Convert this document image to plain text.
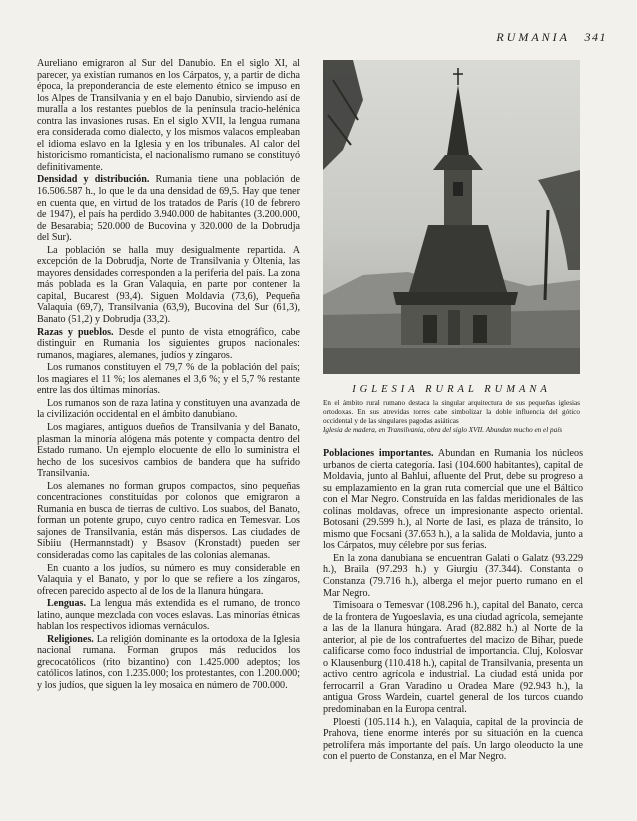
RUMANIA 341

Aureliano emigraron al Sur del Danubio. En el siglo XI, al parecer, ya existían rumanos en los Cárpatos, y, a partir de dicha época, la preponderancia de este elemento étnico se impuso en los Alpes de Transilvania y en el bajo Danubio, sirviendo así de muralla a los restantes pueblos de la península tracio-helénica contra las invasiones rusas. En el siglo XVII, la lengua rumana era considerada como dialecto, y los mismos valacos empleaban el idioma eslavo en la Iglesia y en los tribunales. Al calor del historicismo romanticista, el nacionalismo rumano se constituyó definitivamente.

Densidad y distribución. Rumania tiene una población de 16.506.587 h., lo que le da una densidad de 69,5. Hay que tener en cuenta que, en virtud de los tratados de París (10 de febrero de 1947), el país ha perdido 3.940.000 de habitantes (3.200.000, de Besarabia; 520.000 de Bucovina y 320.000 de la Dobrudja del Sur).

La población se halla muy desigualmente repartida. A excepción de la Dobrudja, Norte de Transilvania y Oltenia, las mayores densidades corresponden a la periferia del país. La zona más poblada es la Gran Valaquia, en parte por contener la capital, Bucarest (93,4). Siguen Moldavia (73,6), Pequeña Valaquia (69,7), Transilvania (63,9), Bucovina del Sur (61,3), Banato (51,2) y Dobrudja (33,2).

Razas y pueblos. Desde el punto de vista etnográfico, cabe distinguir en Rumania los siguientes grupos nacionales: rumanos, magiares, alemanes, judíos y zíngaros.

Los rumanos constituyen el 79,7 % de la población del país; los magiares el 11 %; los alemanes el 3,6 %; y el 5,7 % restante entre las dos últimas minorías.

Los rumanos son de raza latina y constituyen una avanzada de la civilización occidental en el ámbito danubiano.

Los magiares, antiguos dueños de Transilvania y del Banato, plasman la minoría alógena más potente y compacta dentro del Estado rumano. Un ejemplo elocuente de ello lo suministra el hecho de los sucesivos cambios de bandera que ha sufrido Transilvania.

Los alemanes no forman grupos compactos, sino pequeñas concentraciones constituídas por colonos que emigraron a Rumania en busca de tierras de cultivo. Los suabos, del Banato, forman un potente grupo, cuyo centro radica en Temesvar. Los sajones de Transilvania, están más dispersos. Las ciudades de Sibiiu (Hermannstadt) y Bsasov (Kronstadt) pueden ser consideradas como las capitales de las colonias alemanas.

En cuanto a los judíos, su número es muy considerable en Valaquia y el Banato, y por lo que se refiere a los zíngaros, ofrecen parecido aspecto al de los de la llanura húngara.

Lenguas. La lengua más extendida es el rumano, de tronco latino, aunque mezclada con voces eslavas. Las minorías étnicas hablan los respectivos idiomas vernáculos.

Religiones. La religión dominante es la ortodoxa de la Iglesia nacional rumana. Forman grupos más reducidos los grecocatólicos (rito bizantino) con 1.425.000 adeptos; los católicos latinos, con 1.235.000; los protestantes, con 1.200.000; y los judíos, que siguen la ley mosaica en número de 700.000.

IGLESIA RURAL RUMANA
En el ámbito rural rumano destaca la singular arquitectura de sus pequeñas iglesias ortodoxas. En sus atrevidas torres cabe simbolizar la doble influencia del gótico occidental y de las singulares pagodas asiáticas
Iglesia de madera, en Transilvania, obra del siglo XVII. Abundan mucho en el país

Poblaciones importantes. Abundan en Rumania los núcleos urbanos de cierta categoría. Iasi (104.600 habitantes), capital de Moldavia, junto al Bahlui, afluente del Prut, debe su progreso a su emplazamiento en la gran ruta comercial que une el Báltico con el Mar Negro. Construída en las faldas meridionales de las colinas moldavas, ofrece un impresionante aspecto oriental. Botosani (29.599 h.), al Norte de Iasi, es plaza de tránsito, lo mismo que Focsani (37.653 h.), a la salida de Moldavia, junto a los Cárpatos, muy célebre por sus ferias.

En la zona danubiana se encuentran Galati o Galatz (93.229 h.), Braila (97.293 h.) y Giurgiu (37.344). Constanta o Constanza (79.716 h.), alberga el mejor puerto rumano en el Mar Negro.

Timisoara o Temesvar (108.296 h.), capital del Banato, cerca de la frontera de Yugoeslavia, es una ciudad agrícola, semejante a las de la llanura húngara. Arad (82.882 h.) al Norte de la anterior, al pie de los contrafuertes del macizo de Bihar, puede calificarse como foco industrial de importancia. Cluj, Kolosvar o Klausenburg (110.418 h.), capital de Transilvania, presenta un activo centro agrícola e industrial. La ciudad está unida por ferrocarril a Gran Varadino u Oradea Mare (92.943 h.), la antigua Gross Wardein, cuartel general de los turcos cuando predominaban en la Europa central.

Ploesti (105.114 h.), en Valaquia, capital de la provincia de Prahova, tiene enorme interés por su situación en la cuenca petrolífera más importante del país. Un largo oleoducto la une con el puerto de Constanza, en el Mar Negro.
